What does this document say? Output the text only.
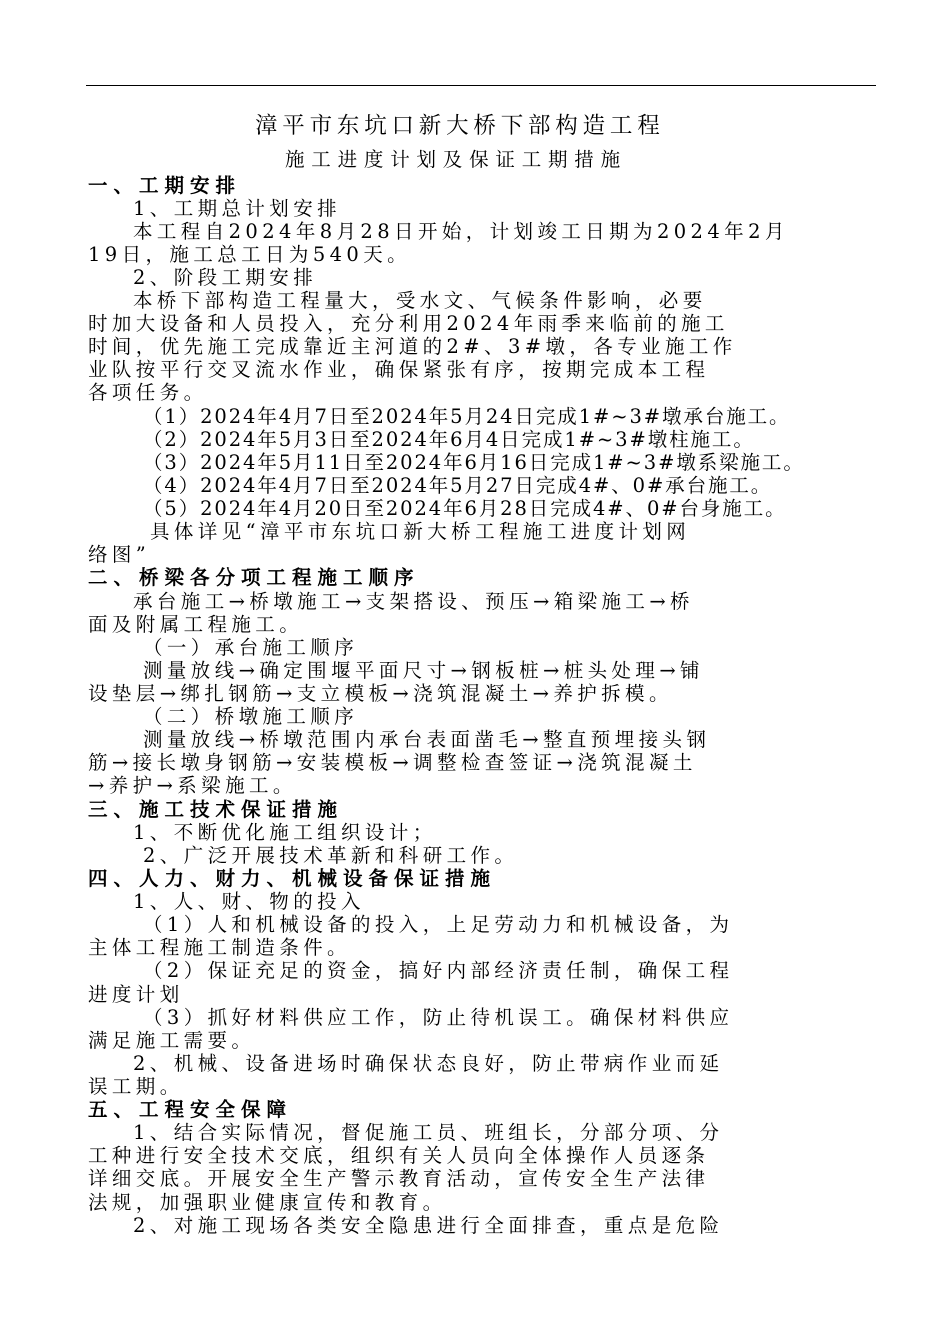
漳平市东坑口新大桥下部构造工程
施工进度计划及保证工期措施
一、工期安排
1、工期总计划安排
本工程自2024年8月28日开始，计划竣工日期为2024年2月
19日，施工总工日为540天。
2、阶段工期安排
本桥下部构造工程量大，受水文、气候条件影响，必要
时加大设备和人员投入，充分利用2024年雨季来临前的施工
时间，优先施工完成靠近主河道的2#、3#墩，各专业施工作
业队按平行交叉流水作业，确保紧张有序，按期完成本工程
各项任务。
（1）2024年4月7日至2024年5月24日完成1#~3#墩承台施工。
（2）2024年5月3日至2024年6月4日完成1#~3#墩柱施工。
（3）2024年5月11日至2024年6月16日完成1#~3#墩系梁施工。
（4）2024年4月7日至2024年5月27日完成4#、0#承台施工。
（5）2024年4月20日至2024年6月28日完成4#、0#台身施工。
具体详见“漳平市东坑口新大桥工程施工进度计划网
络图”
二、桥梁各分项工程施工顺序
承台施工→桥墩施工→支架搭设、预压→箱梁施工→桥
面及附属工程施工。
（一）承台施工顺序
测量放线→确定围堰平面尺寸→钢板桩→桩头处理→铺
设垫层→绑扎钢筋→支立模板→浇筑混凝土→养护拆模。
（二）桥墩施工顺序
测量放线→桥墩范围内承台表面凿毛→整直预埋接头钢
筋→接长墩身钢筋→安装模板→调整检查签证→浇筑混凝土
→养护→系梁施工。
三、施工技术保证措施
1、不断优化施工组织设计；
2、广泛开展技术革新和科研工作。
四、人力、财力、机械设备保证措施
1、人、财、物的投入
（1）人和机械设备的投入，上足劳动力和机械设备，为
主体工程施工制造条件。
（2）保证充足的资金，搞好内部经济责任制，确保工程
进度计划
（3）抓好材料供应工作，防止待机误工。确保材料供应
满足施工需要。
2、机械、设备进场时确保状态良好，防止带病作业而延
误工期。
五、工程安全保障
1、结合实际情况，督促施工员、班组长，分部分项、分
工种进行安全技术交底，组织有关人员向全体操作人员逐条
详细交底。开展安全生产警示教育活动，宣传安全生产法律
法规，加强职业健康宣传和教育。
2、对施工现场各类安全隐患进行全面排查，重点是危险
